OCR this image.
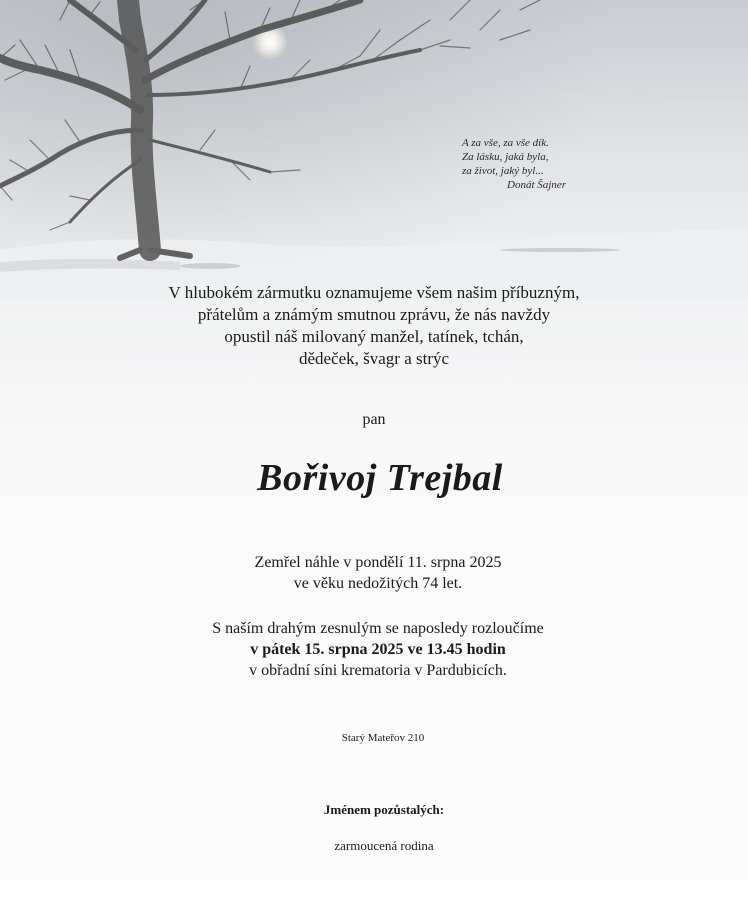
A za vše, za vše dík.
Za lásku, jaká byla,
za život, jaký byl...
Donát Šajner
V hlubokém zármutku oznamujeme všem našim příbuzným,
přátelům a známým smutnou zprávu, že nás navždy
opustil náš milovaný manžel, tatínek, tchán,
dědeček, švagr a strýc
pan
Bořivoj Trejbal
Zemřel náhle v pondělí 11. srpna 2025
ve věku nedožitých 74 let.
S naším drahým zesnulým se naposledy rozloučíme
v pátek 15. srpna 2025 ve 13.45 hodin
v obřadní síni krematoria v Pardubicích.
Starý Mateřov 210
Jménem pozůstalých:
zarmoucená rodina
